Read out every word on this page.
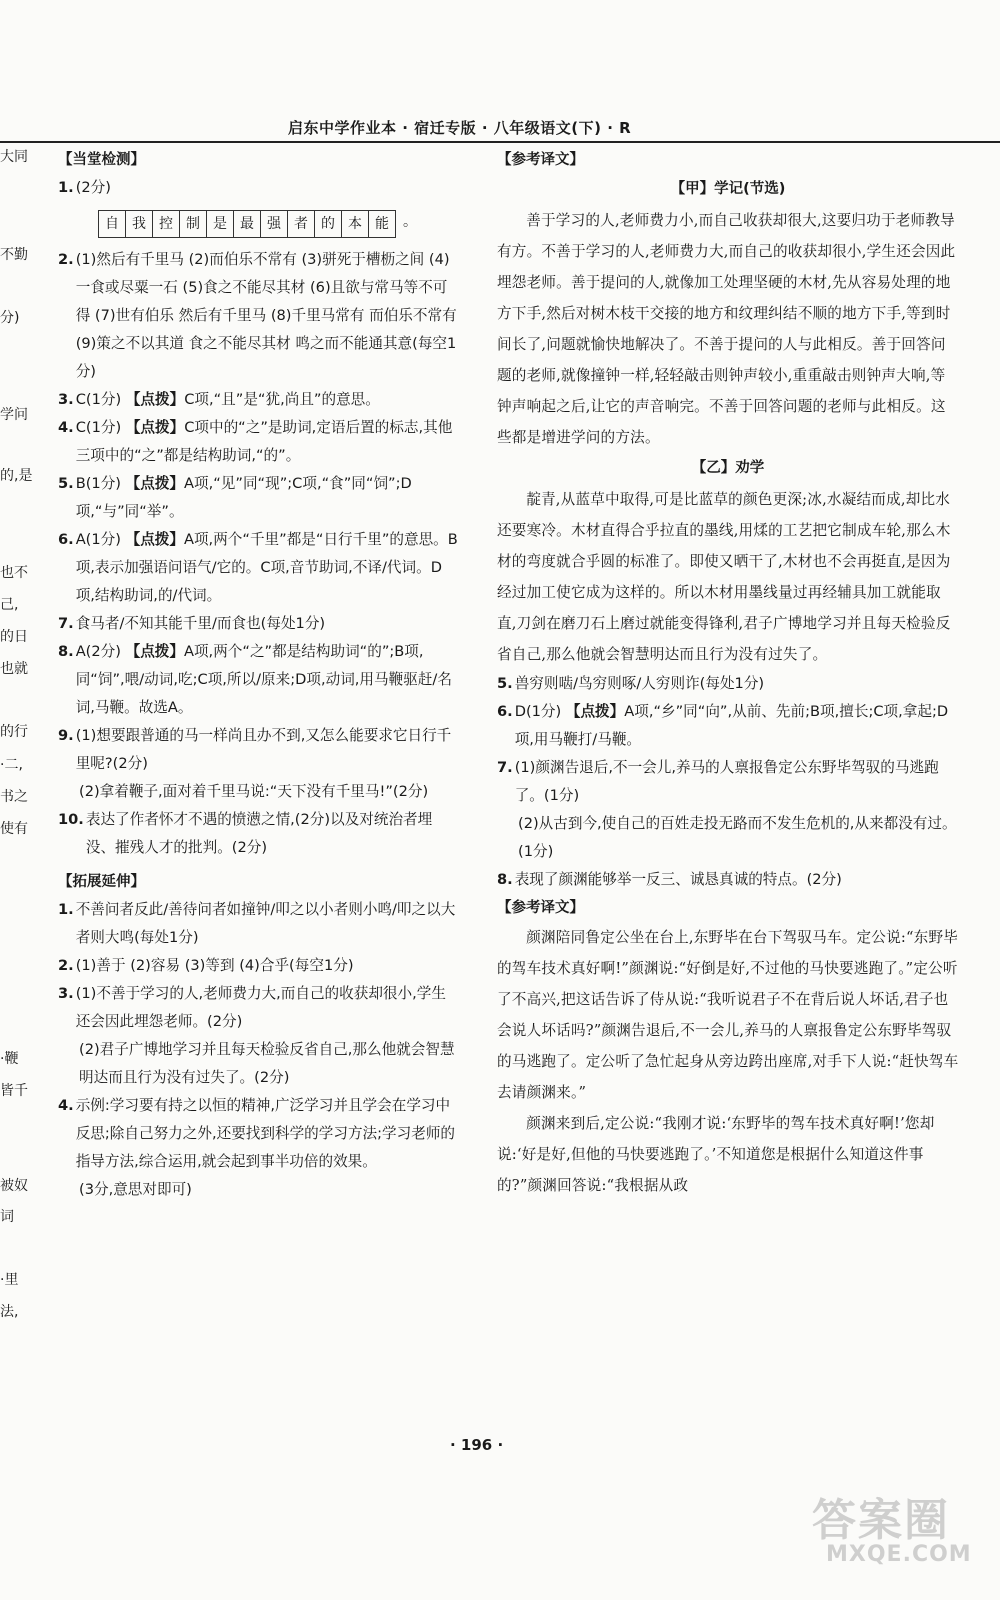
启东中学作业本 · 宿迁专版 · 八年级语文(下) · R
大同
不勤
分)
学问
的,是
也不
己,
的日
也就
的行
·二,
书之
使有
·鞭
皆千
被奴
词
·里
法,
【当堂检测】
1. (2分)
自 我 控 制 是 最 强 者 的 本 能	。
2. (1)然后有千里马 (2)而伯乐不常有 (3)骈死于槽枥之间 (4)一食或尽粟一石 (5)食之不能尽其材 (6)且欲与常马等不可得 (7)世有伯乐 然后有千里马 (8)千里马常有 而伯乐不常有 (9)策之不以其道 食之不能尽其材 鸣之而不能通其意(每空1分)
3. C(1分) 【点拨】C项,“且”是“犹,尚且”的意思。
4. C(1分) 【点拨】C项中的“之”是助词,定语后置的标志,其他三项中的“之”都是结构助词,“的”。
5. B(1分) 【点拨】A项,“见”同“现”;C项,“食”同“饲”;D项,“与”同“举”。
6. A(1分) 【点拨】A项,两个“千里”都是“日行千里”的意思。B项,表示加强语问语气/它的。C项,音节助词,不译/代词。D项,结构助词,的/代词。
7. 食马者/不知其能千里/而食也(每处1分)
8. A(2分) 【点拨】A项,两个“之”都是结构助词“的”;B项,同“饲”,喂/动词,吃;C项,所以/原来;D项,动词,用马鞭驱赶/名词,马鞭。故选A。
9. (1)想要跟普通的马一样尚且办不到,又怎么能要求它日行千里呢?(2分)
(2)拿着鞭子,面对着千里马说:“天下没有千里马!”(2分)
10. 表达了作者怀才不遇的愤懑之情,(2分)以及对统治者埋没、摧残人才的批判。(2分)
【拓展延伸】
1. 不善问者反此/善待问者如撞钟/叩之以小者则小鸣/叩之以大者则大鸣(每处1分)
2. (1)善于 (2)容易 (3)等到 (4)合乎(每空1分)
3. (1)不善于学习的人,老师费力大,而自己的收获却很小,学生还会因此埋怨老师。(2分)
(2)君子广博地学习并且每天检验反省自己,那么他就会智慧明达而且行为没有过失了。(2分)
4. 示例:学习要有持之以恒的精神,广泛学习并且学会在学习中反思;除自己努力之外,还要找到科学的学习方法;学习老师的指导方法,综合运用,就会起到事半功倍的效果。
(3分,意思对即可)
【参考译文】
【甲】学记(节选)
善于学习的人,老师费力小,而自己收获却很大,这要归功于老师教导有方。不善于学习的人,老师费力大,而自己的收获却很小,学生还会因此埋怨老师。善于提问的人,就像加工处理坚硬的木材,先从容易处理的地方下手,然后对树木枝干交接的地方和纹理纠结不顺的地方下手,等到时间长了,问题就愉快地解决了。不善于提问的人与此相反。善于回答问题的老师,就像撞钟一样,轻轻敲击则钟声较小,重重敲击则钟声大响,等钟声响起之后,让它的声音响完。不善于回答问题的老师与此相反。这些都是增进学问的方法。
【乙】劝学
靛青,从蓝草中取得,可是比蓝草的颜色更深;冰,水凝结而成,却比水还要寒冷。木材直得合乎拉直的墨线,用煣的工艺把它制成车轮,那么木材的弯度就合乎圆的标准了。即使又晒干了,木材也不会再挺直,是因为经过加工使它成为这样的。所以木材用墨线量过再经辅具加工就能取直,刀剑在磨刀石上磨过就能变得锋利,君子广博地学习并且每天检验反省自己,那么他就会智慧明达而且行为没有过失了。
5. 兽穷则啮/鸟穷则啄/人穷则诈(每处1分)
6. D(1分) 【点拨】A项,“乡”同“向”,从前、先前;B项,擅长;C项,拿起;D项,用马鞭打/马鞭。
7. (1)颜渊告退后,不一会儿,养马的人禀报鲁定公东野毕驾驭的马逃跑了。(1分)
(2)从古到今,使自己的百姓走投无路而不发生危机的,从来都没有过。(1分)
8. 表现了颜渊能够举一反三、诚恳真诚的特点。(2分)
【参考译文】
颜渊陪同鲁定公坐在台上,东野毕在台下驾驭马车。定公说:“东野毕的驾车技术真好啊!”颜渊说:“好倒是好,不过他的马快要逃跑了。”定公听了不高兴,把这话告诉了侍从说:“我听说君子不在背后说人坏话,君子也会说人坏话吗?”颜渊告退后,不一会儿,养马的人禀报鲁定公东野毕驾驭的马逃跑了。定公听了急忙起身从旁边跨出座席,对手下人说:“赶快驾车去请颜渊来。”
颜渊来到后,定公说:“我刚才说:‘东野毕的驾车技术真好啊!’您却说:‘好是好,但他的马快要逃跑了。’不知道您是根据什么知道这件事的?”颜渊回答说:“我根据从政
· 196 ·
答案圈
MXQE.COM
